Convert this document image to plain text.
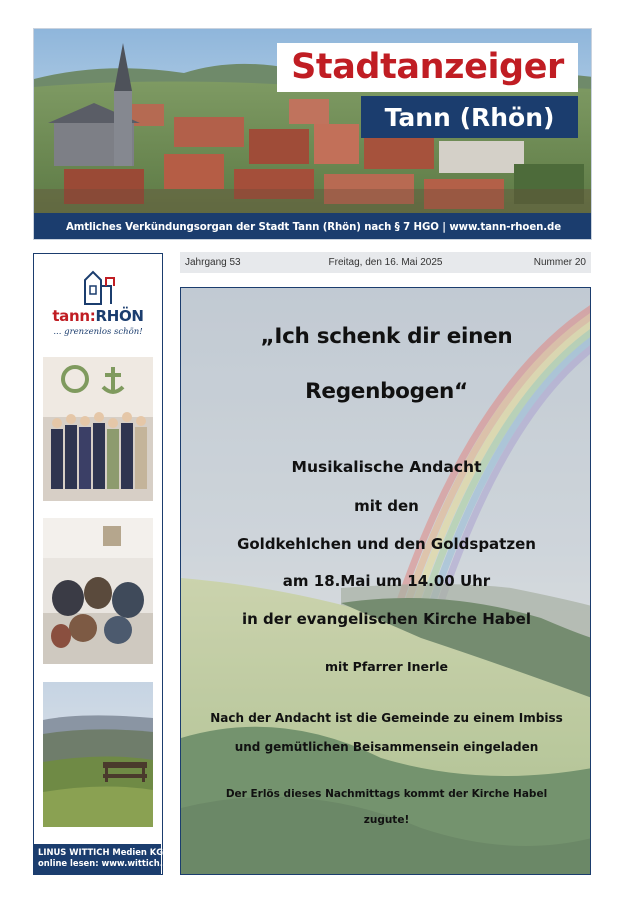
Stadtanzeiger
Tann (Rhön)
Amtliches Verkündungsorgan der Stadt Tann (Rhön) nach § 7 HGO | www.tann-rhoen.de
tann:RHÖN
... grenzenlos schön!
LINUS WITTICH Medien KG
online lesen: www.wittich.de
Jahrgang 53	Freitag, den 16. Mai 2025	Nummer 20
„Ich schenk dir einen
Regenbogen“
Musikalische Andacht
mit den
Goldkehlchen und den Goldspatzen
am 18.Mai um 14.00 Uhr
in der evangelischen Kirche Habel
mit Pfarrer Inerle
Nach der Andacht ist die Gemeinde zu einem Imbiss
und gemütlichen Beisammensein eingeladen
Der Erlös dieses Nachmittags kommt der Kirche Habel
zugute!
